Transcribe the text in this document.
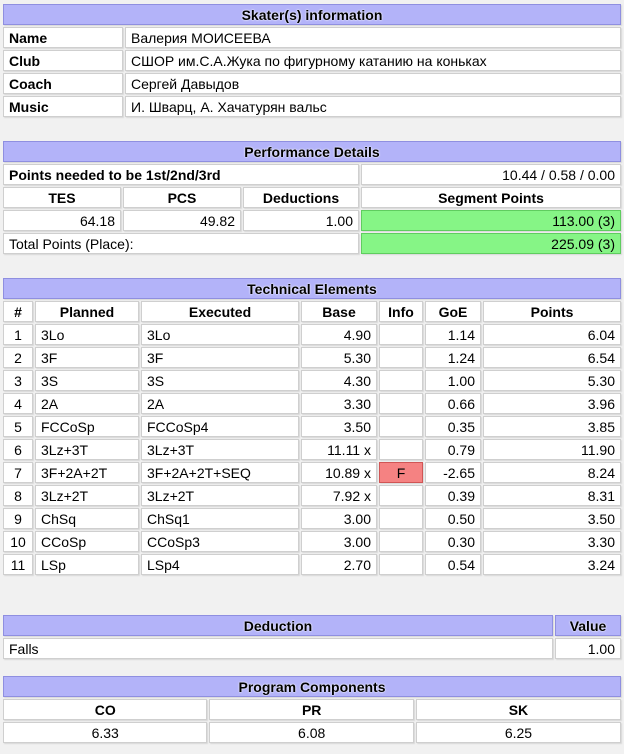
Skater(s) information	
Name	Валерия МОИСЕЕВА
Club	СШОР им.С.А.Жука по фигурному катанию на коньках
Coach	Сергей Давыдов
Music	И. Шварц, А. Хачатурян вальс
Performance Details			
Points needed to be 1st/2nd/3rd			10.44 / 0.58 / 0.00
TES	PCS	Deductions	Segment Points
64.18	49.82	1.00	113.00 (3)
Total Points (Place):			225.09 (3)
Technical Elements						
#	Planned	Executed	Base	Info	GoE	Points
1	3Lo	3Lo	4.90		1.14	6.04
2	3F	3F	5.30		1.24	6.54
3	3S	3S	4.30		1.00	5.30
4	2A	2A	3.30		0.66	3.96
5	FCCoSp	FCCoSp4	3.50		0.35	3.85
6	3Lz+3T	3Lz+3T	11.11 x		0.79	11.90
7	3F+2A+2T	3F+2A+2T+SEQ	10.89 x	F	-2.65	8.24
8	3Lz+2T	3Lz+2T	7.92 x		0.39	8.31
9	ChSq	ChSq1	3.00		0.50	3.50
10	CCoSp	CCoSp3	3.00		0.30	3.30
11	LSp	LSp4	2.70		0.54	3.24
Deduction	Value
Falls	1.00
Program Components		
CO	PR	SK
6.33	6.08	6.25
